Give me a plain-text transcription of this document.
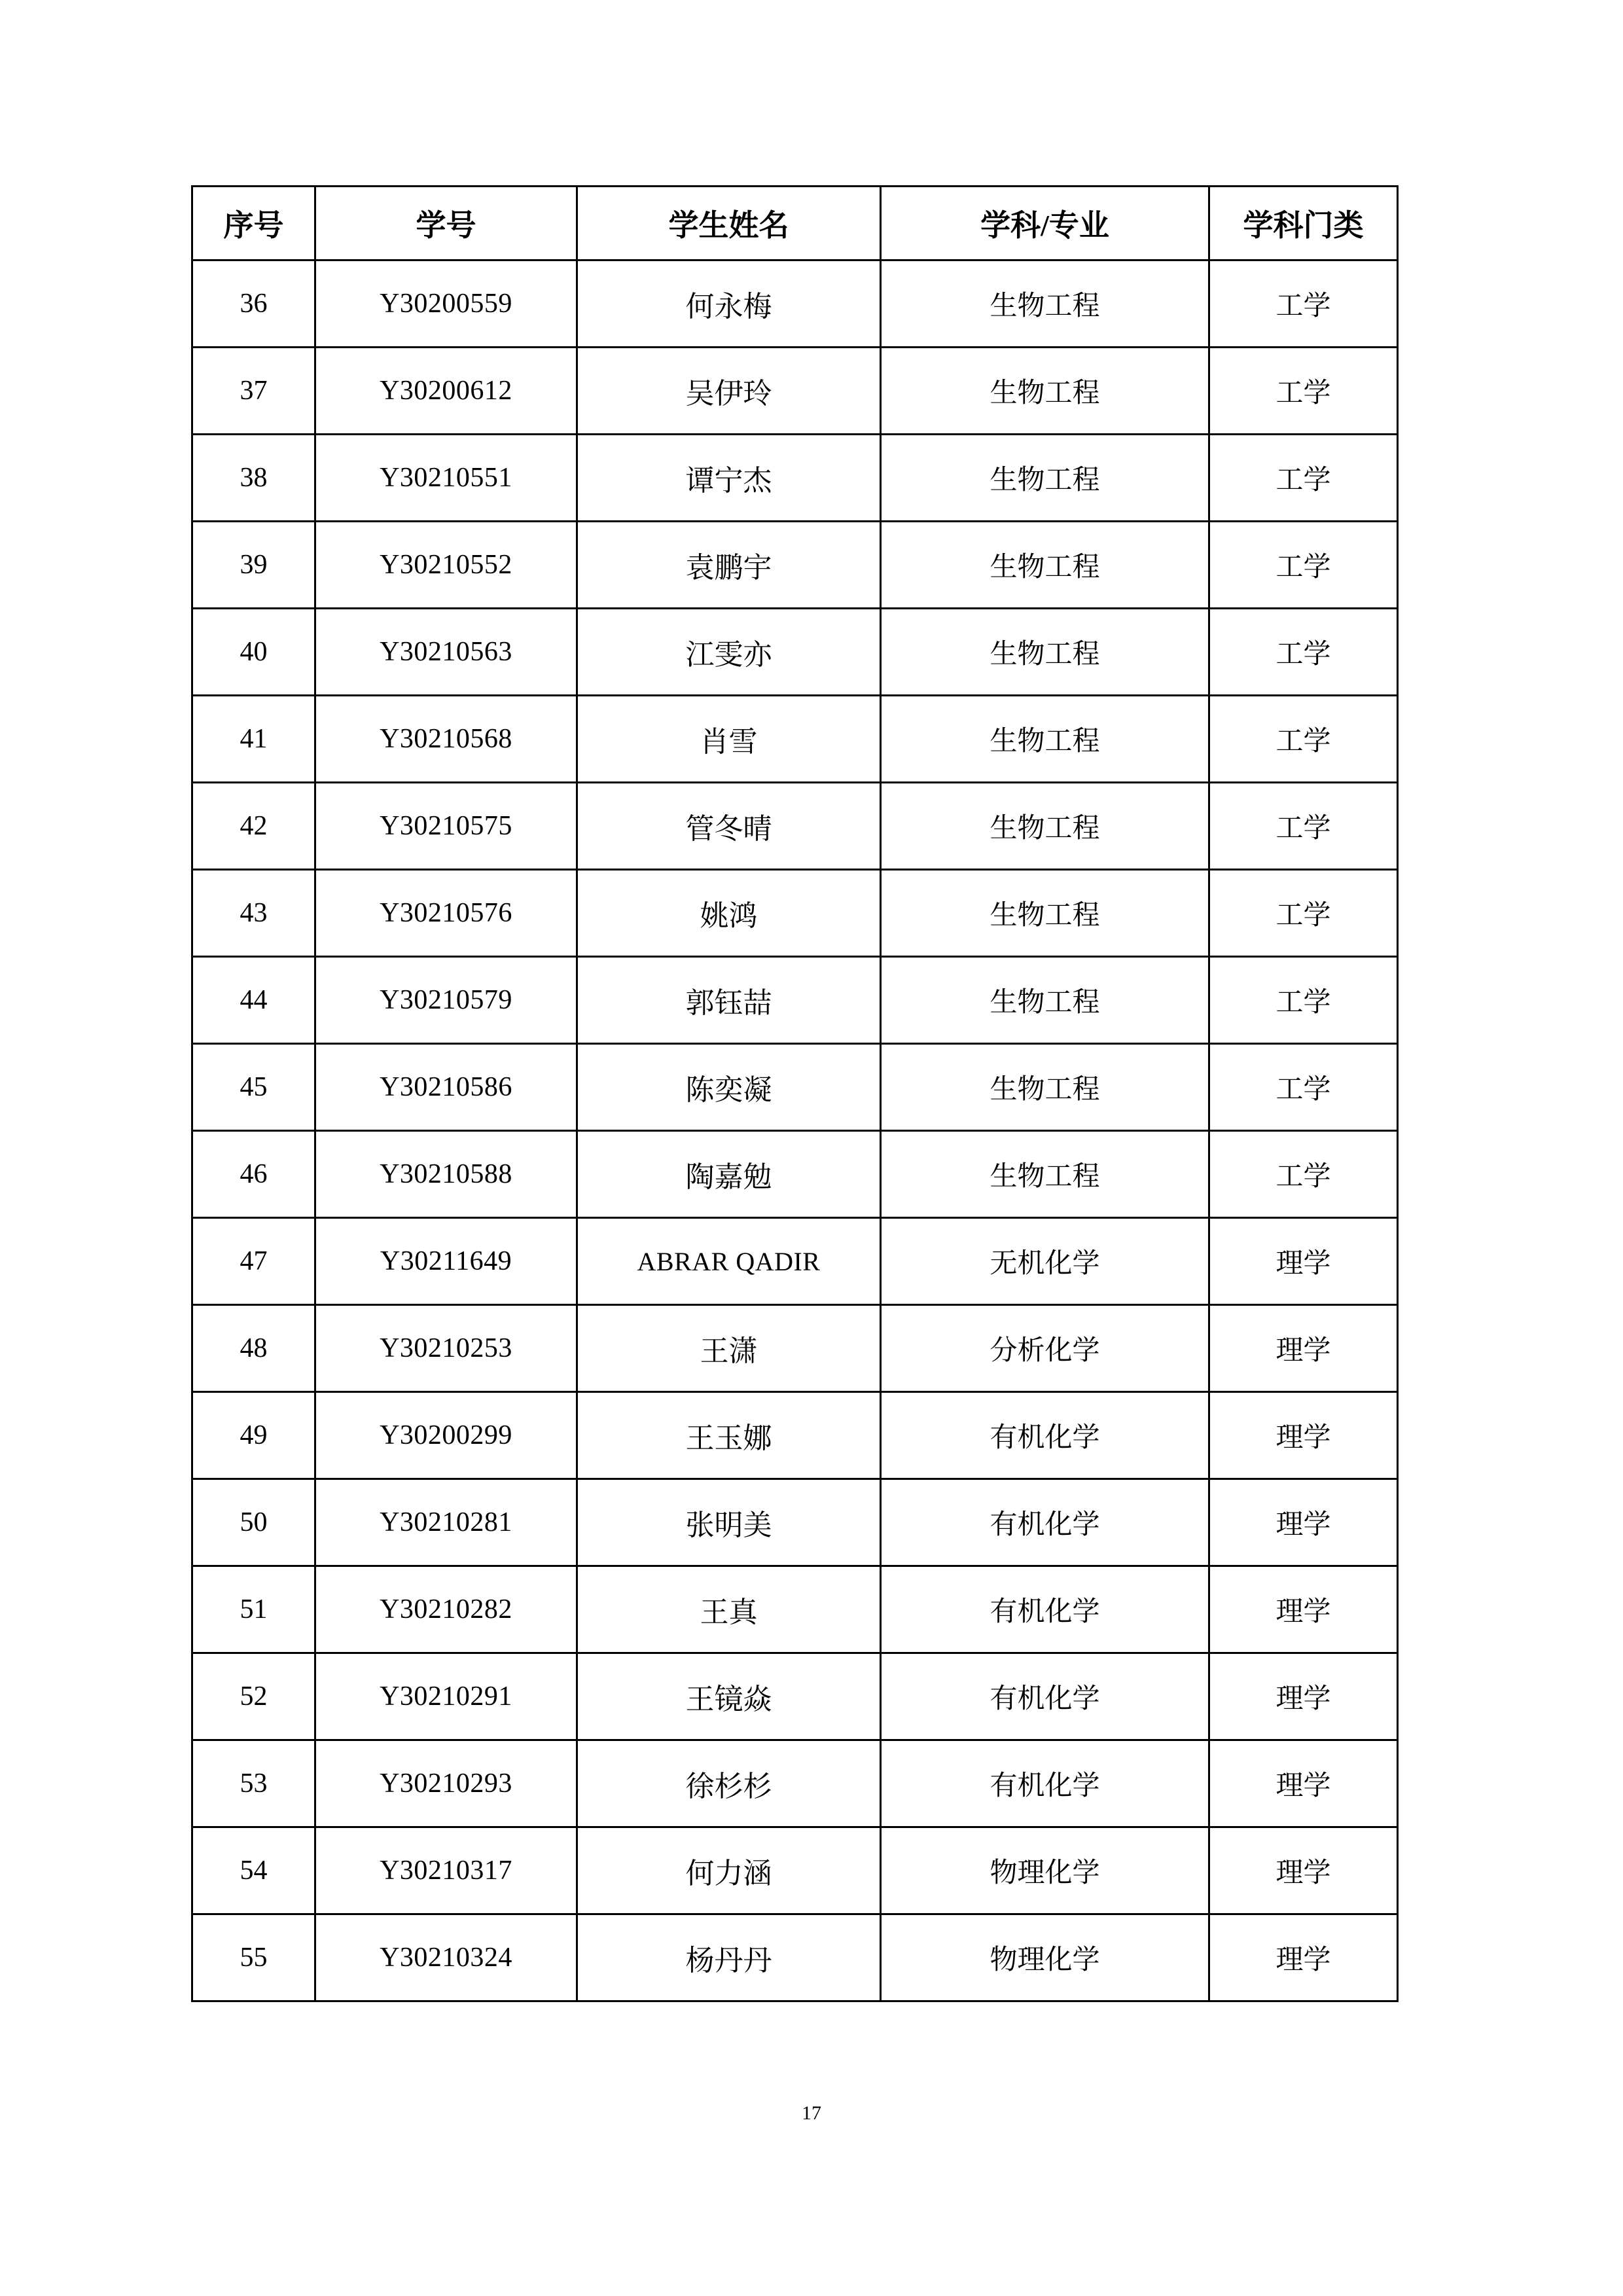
序号	学号	学生姓名	学科/专业	学科门类
36	Y30200559	何永梅	生物工程	工学
37	Y30200612	吴伊玲	生物工程	工学
38	Y30210551	谭宁杰	生物工程	工学
39	Y30210552	袁鹏宇	生物工程	工学
40	Y30210563	江雯亦	生物工程	工学
41	Y30210568	肖雪	生物工程	工学
42	Y30210575	管冬晴	生物工程	工学
43	Y30210576	姚鸿	生物工程	工学
44	Y30210579	郭钰喆	生物工程	工学
45	Y30210586	陈奕凝	生物工程	工学
46	Y30210588	陶嘉勉	生物工程	工学
47	Y30211649	ABRAR QADIR	无机化学	理学
48	Y30210253	王潇	分析化学	理学
49	Y30200299	王玉娜	有机化学	理学
50	Y30210281	张明美	有机化学	理学
51	Y30210282	王真	有机化学	理学
52	Y30210291	王镜焱	有机化学	理学
53	Y30210293	徐杉杉	有机化学	理学
54	Y30210317	何力涵	物理化学	理学
55	Y30210324	杨丹丹	物理化学	理学
17
